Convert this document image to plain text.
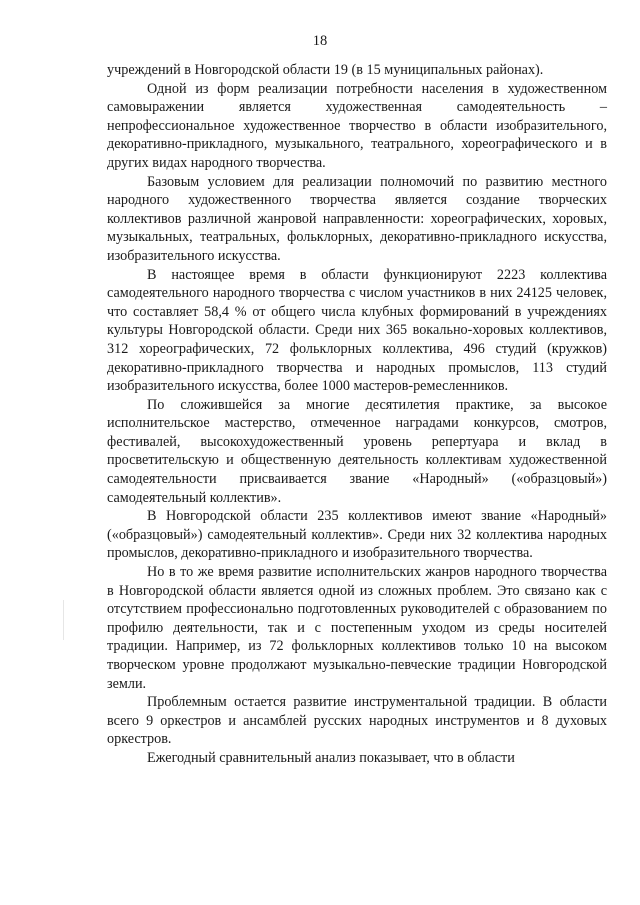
18

учреждений в Новгородской области 19 (в 15 муниципальных районах).

Одной из форм реализации потребности населения в художественном самовыражении является художественная самодеятельность – непрофессиональное художественное творчество в области изобразительного, декоративно-прикладного, музыкального, театрального, хореографического и в других видах народного творчества.

Базовым условием для реализации полномочий по развитию местного народного художественного творчества является создание творческих коллективов различной жанровой направленности: хореографических, хоровых, музыкальных, театральных, фольклорных, декоративно-прикладного искусства, изобразительного искусства.

В настоящее время в области функционируют 2223 коллектива самодеятельного народного творчества с числом участников в них 24125 человек, что составляет 58,4 % от общего числа клубных формирований в учреждениях культуры Новгородской области. Среди них 365 вокально-хоровых коллективов, 312 хореографических, 72 фольклорных коллектива, 496 студий (кружков) декоративно-прикладного творчества и народных промыслов, 113 студий изобразительного искусства, более 1000 мастеров-ремесленников.

По сложившейся за многие десятилетия практике, за высокое исполнительское мастерство, отмеченное наградами конкурсов, смотров, фестивалей, высокохудожественный уровень репертуара и вклад в просветительскую и общественную деятельность коллективам художественной самодеятельности присваивается звание «Народный» («образцовый») самодеятельный коллектив».

В Новгородской области 235 коллективов имеют звание «Народный» («образцовый») самодеятельный коллектив». Среди них 32 коллектива народных промыслов, декоративно-прикладного и изобразительного творчества.

Но в то же время развитие исполнительских жанров народного творчества в Новгородской области является одной из сложных проблем. Это связано как с отсутствием профессионально подготовленных руководителей с образованием по профилю деятельности, так и с постепенным уходом из среды носителей традиции. Например, из 72 фольклорных коллективов только 10 на высоком творческом уровне продолжают музыкально-певческие традиции Новгородской земли.

Проблемным остается развитие инструментальной традиции. В области всего 9 оркестров и ансамблей русских народных инструментов и 8 духовых оркестров.

Ежегодный сравнительный анализ показывает, что в области
